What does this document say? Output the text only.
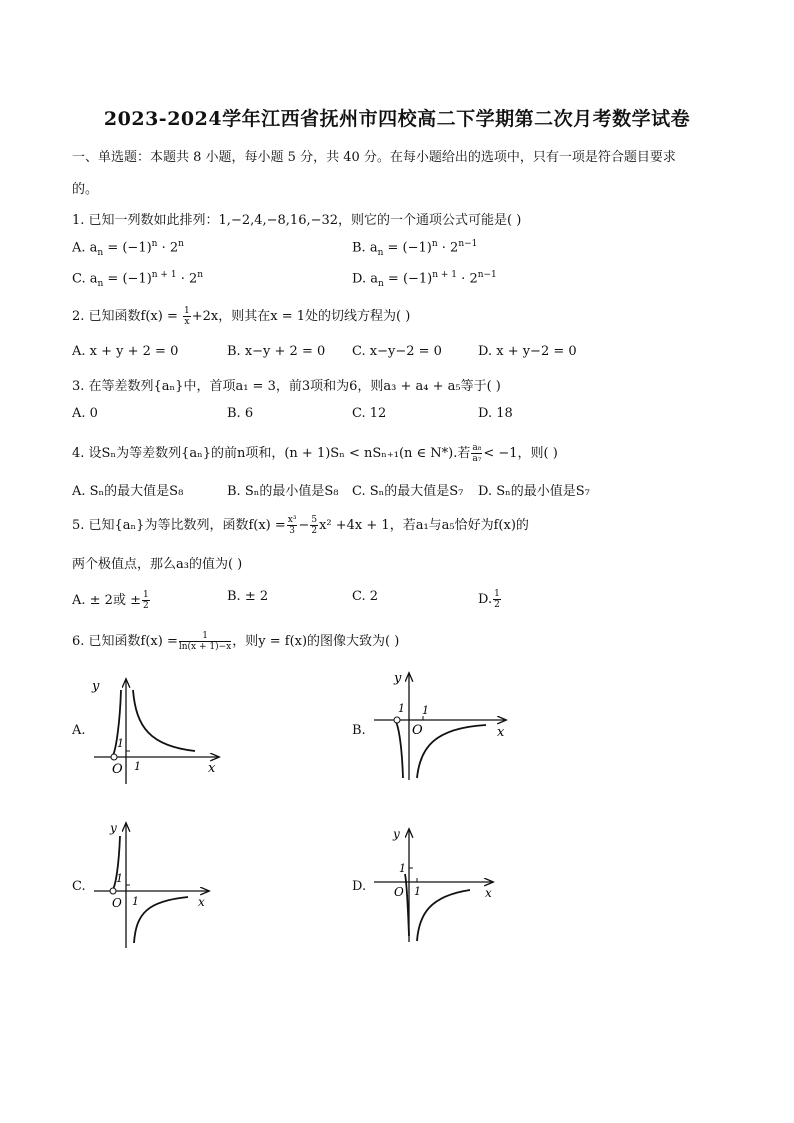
2023-2024学年江西省抚州市四校高二下学期第二次月考数学试卷
一、单选题：本题共 8 小题，每小题 5 分，共 40 分。在每小题给出的选项中，只有一项是符合题目要求
的。
1. 已知一列数如此排列：1,−2,4,−8,16,−32，则它的一个通项公式可能是( )
A. $a_n = (-1)^n \cdot 2^n$	B. $a_n = (-1)^n \cdot 2^{n-1}$
C. $a_n = (-1)^{n + 1} \cdot 2^n$	D. $a_n = (-1)^{n + 1} \cdot 2^{n-1}$
2. 已知函数$f(x) = \frac{1}{x} +2x$，则其在x = 1处的切线方程为( )
A. x + y + 2 = 0	B. x−y + 2 = 0 C. x−y−2 = 0	D. x + y−2 = 0
3. 在等差数列{aₙ}中，首项a₁ = 3，前3项和为6，则a₃ + a₄ + a₅等于( )
A. 0	B. 6	C. 12	D. 18
4. 设Sₙ为等差数列{aₙ}的前n项和，(n + 1)Sₙ < nSₙ₊₁(n ∈ N*).若 $\frac{\text{a₈}}{\text{a₇}} < -1$，则( )
A. Sₙ的最大值是S₈	B. Sₙ的最小值是S₈ C. Sₙ的最大值是S₇ D. Sₙ的最小值是S₇
5. 已知{aₙ}为等比数列，函数$f(x) = \frac{\text{x³}}{3} - \frac{5}{2} x^2 +4x + 1$，若a₁与a₅恰好为f(x)的
两个极值点，那么a₃的值为( )
A. ± 2或 ± $\frac{1}{2}$	B. ± 2	C. 2	D. $\frac{1}{2}$
6. 已知函数$f(x) = \frac{1}{\ln(x + 1)-x}$ ，则y = f(x)的图像大致为( )
A.	B.
C.	D.
y
x
O
1
1
y
x
O
1 1
y
x
O
1
1
y
x
O
1
1
